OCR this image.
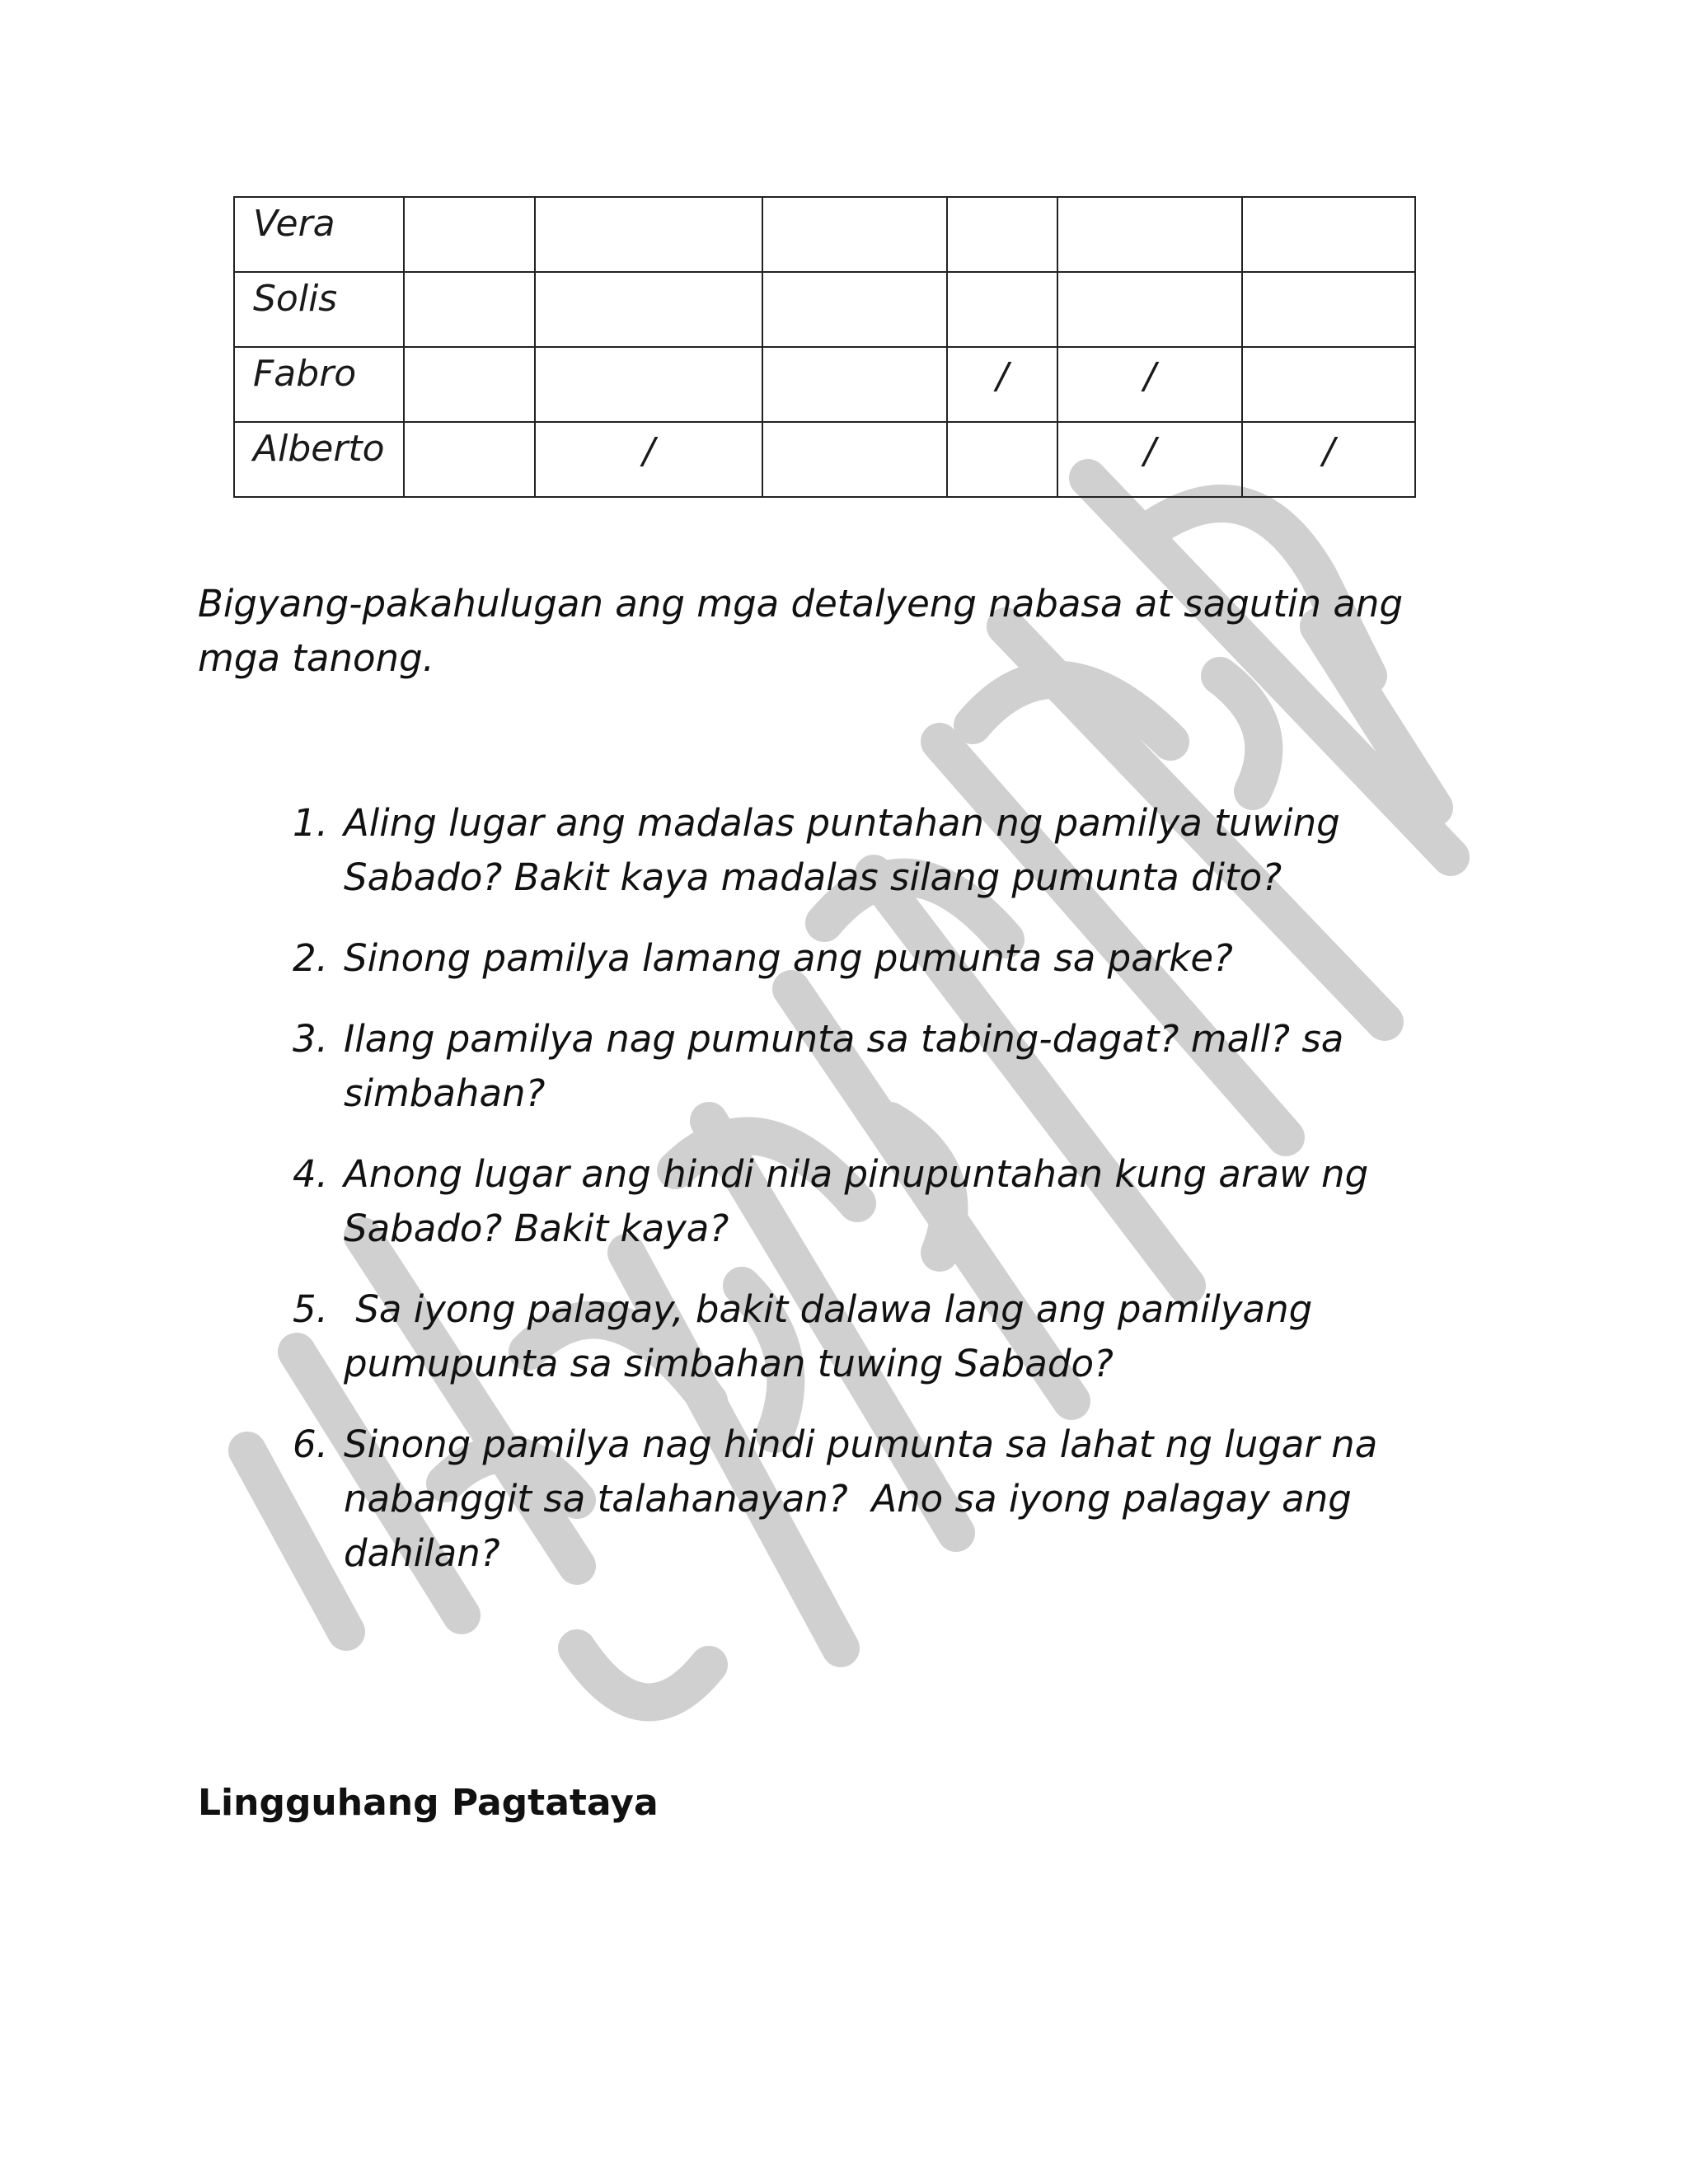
Vera						
Solis						
Fabro				/	/	
Alberto		/			/	/

Bigyang-pakahulugan ang mga detalyeng nabasa at sagutin ang mga tanong.

1. Aling lugar ang madalas puntahan ng pamilya tuwing Sabado? Bakit kaya madalas silang pumunta dito?
2. Sinong pamilya lamang ang pumunta sa parke?
3. Ilang pamilya nag pumunta sa tabing-dagat? mall? sa simbahan?
4. Anong lugar ang hindi nila pinupuntahan kung araw ng Sabado? Bakit kaya?
5. Sa iyong palagay, bakit dalawa lang ang pamilyang pumupunta sa simbahan tuwing Sabado?
6. Sinong pamilya nag hindi pumunta sa lahat ng lugar na nabanggit sa talahanayan?  Ano sa iyong palagay ang dahilan?
Lingguhang Pagtataya
